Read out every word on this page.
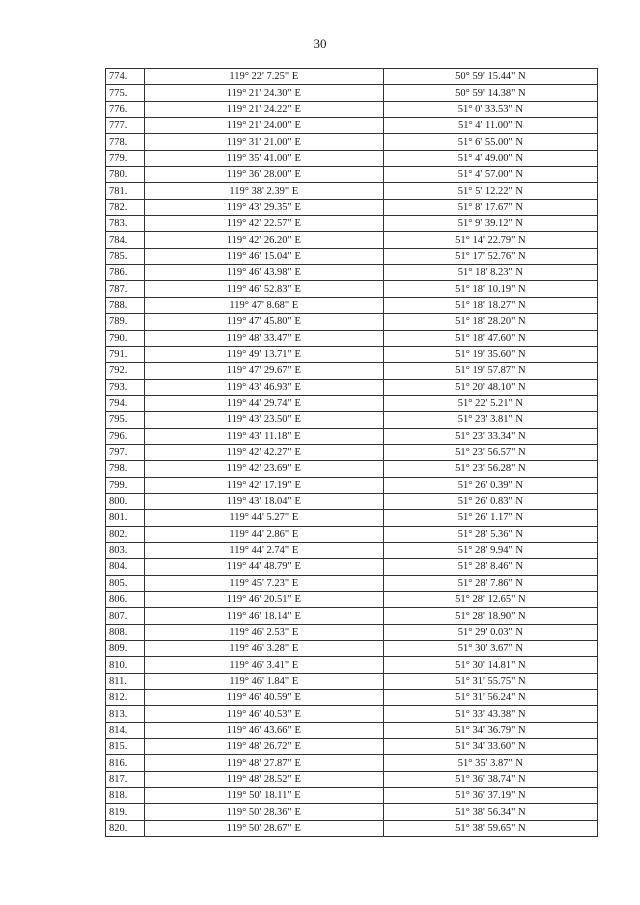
30
774.	119° 22' 7.25" E	50° 59' 15.44" N
775.	119° 21' 24.30" E	50° 59' 14.38" N
776.	119° 21' 24.22" E	51° 0' 33.53" N
777.	119° 21' 24.00" E	51° 4' 11.00" N
778.	119° 31' 21.00" E	51° 6' 55.00" N
779.	119° 35' 41.00" E	51° 4' 49.00" N
780.	119° 36' 28.00" E	51° 4' 57.00" N
781.	119° 38' 2.39" E	51° 5' 12.22" N
782.	119° 43' 29.35" E	51° 8' 17.67" N
783.	119° 42' 22.57" E	51° 9' 39.12" N
784.	119° 42' 26.20" E	51° 14' 22.79" N
785.	119° 46' 15.04" E	51° 17' 52.76" N
786.	119° 46' 43.98" E	51° 18' 8.23" N
787.	119° 46' 52.83" E	51° 18' 10.19" N
788.	119° 47' 8.68" E	51° 18' 18.27" N
789.	119° 47' 45.80" E	51° 18' 28.20" N
790.	119° 48' 33.47" E	51° 18' 47.60" N
791.	119° 49' 13.71" E	51° 19' 35.60" N
792.	119° 47' 29.67" E	51° 19' 57.87" N
793.	119° 43' 46.93" E	51° 20' 48.10" N
794.	119° 44' 29.74" E	51° 22' 5.21" N
795.	119° 43' 23.50" E	51° 23' 3.81" N
796.	119° 43' 11.18" E	51° 23' 33.34" N
797.	119° 42' 42.27" E	51° 23' 56.57" N
798.	119° 42' 23.69" E	51° 23' 56.28" N
799.	119° 42' 17.19" E	51° 26' 0.39" N
800.	119° 43' 18.04" E	51° 26' 0.83" N
801.	119° 44' 5.27" E	51° 26' 1.17" N
802.	119° 44' 2.86" E	51° 28' 5.36" N
803.	119° 44' 2.74" E	51° 28' 9.94" N
804.	119° 44' 48.79" E	51° 28' 8.46" N
805.	119° 45' 7.23" E	51° 28' 7.86" N
806.	119° 46' 20.51" E	51° 28' 12.65" N
807.	119° 46' 18.14" E	51° 28' 18.90" N
808.	119° 46' 2.53" E	51° 29' 0.03" N
809.	119° 46' 3.28" E	51° 30' 3.67" N
810.	119° 46' 3.41" E	51° 30' 14.81" N
811.	119° 46' 1.84" E	51° 31' 55.75" N
812.	119° 46' 40.59" E	51° 31' 56.24" N
813.	119° 46' 40.53" E	51° 33' 43.38" N
814.	119° 46' 43.66" E	51° 34' 36.79" N
815.	119° 48' 26.72" E	51° 34' 33.60" N
816.	119° 48' 27.87" E	51° 35' 3.87" N
817.	119° 48' 28.52" E	51° 36' 38.74" N
818.	119° 50' 18.11" E	51° 36' 37.19" N
819.	119° 50' 28.36" E	51° 38' 56.34" N
820.	119° 50' 28.67" E	51° 38' 59.65" N
